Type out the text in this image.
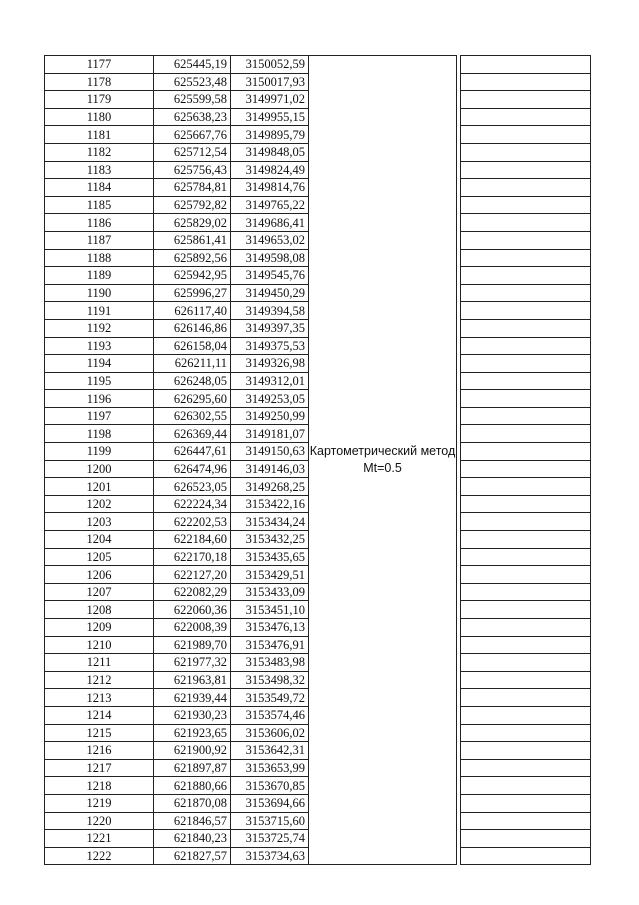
1177	625445,19	3150052,59	Картометрический метод Mt=0.5		
1178	625523,48	3150017,93			
1179	625599,58	3149971,02			
1180	625638,23	3149955,15			
1181	625667,76	3149895,79			
1182	625712,54	3149848,05			
1183	625756,43	3149824,49			
1184	625784,81	3149814,76			
1185	625792,82	3149765,22			
1186	625829,02	3149686,41			
1187	625861,41	3149653,02			
1188	625892,56	3149598,08			
1189	625942,95	3149545,76			
1190	625996,27	3149450,29			
1191	626117,40	3149394,58			
1192	626146,86	3149397,35			
1193	626158,04	3149375,53			
1194	626211,11	3149326,98			
1195	626248,05	3149312,01			
1196	626295,60	3149253,05			
1197	626302,55	3149250,99			
1198	626369,44	3149181,07			
1199	626447,61	3149150,63			
1200	626474,96	3149146,03			
1201	626523,05	3149268,25			
1202	622224,34	3153422,16			
1203	622202,53	3153434,24			
1204	622184,60	3153432,25			
1205	622170,18	3153435,65			
1206	622127,20	3153429,51			
1207	622082,29	3153433,09			
1208	622060,36	3153451,10			
1209	622008,39	3153476,13			
1210	621989,70	3153476,91			
1211	621977,32	3153483,98			
1212	621963,81	3153498,32			
1213	621939,44	3153549,72			
1214	621930,23	3153574,46			
1215	621923,65	3153606,02			
1216	621900,92	3153642,31			
1217	621897,87	3153653,99			
1218	621880,66	3153670,85			
1219	621870,08	3153694,66			
1220	621846,57	3153715,60			
1221	621840,23	3153725,74			
1222	621827,57	3153734,63			
